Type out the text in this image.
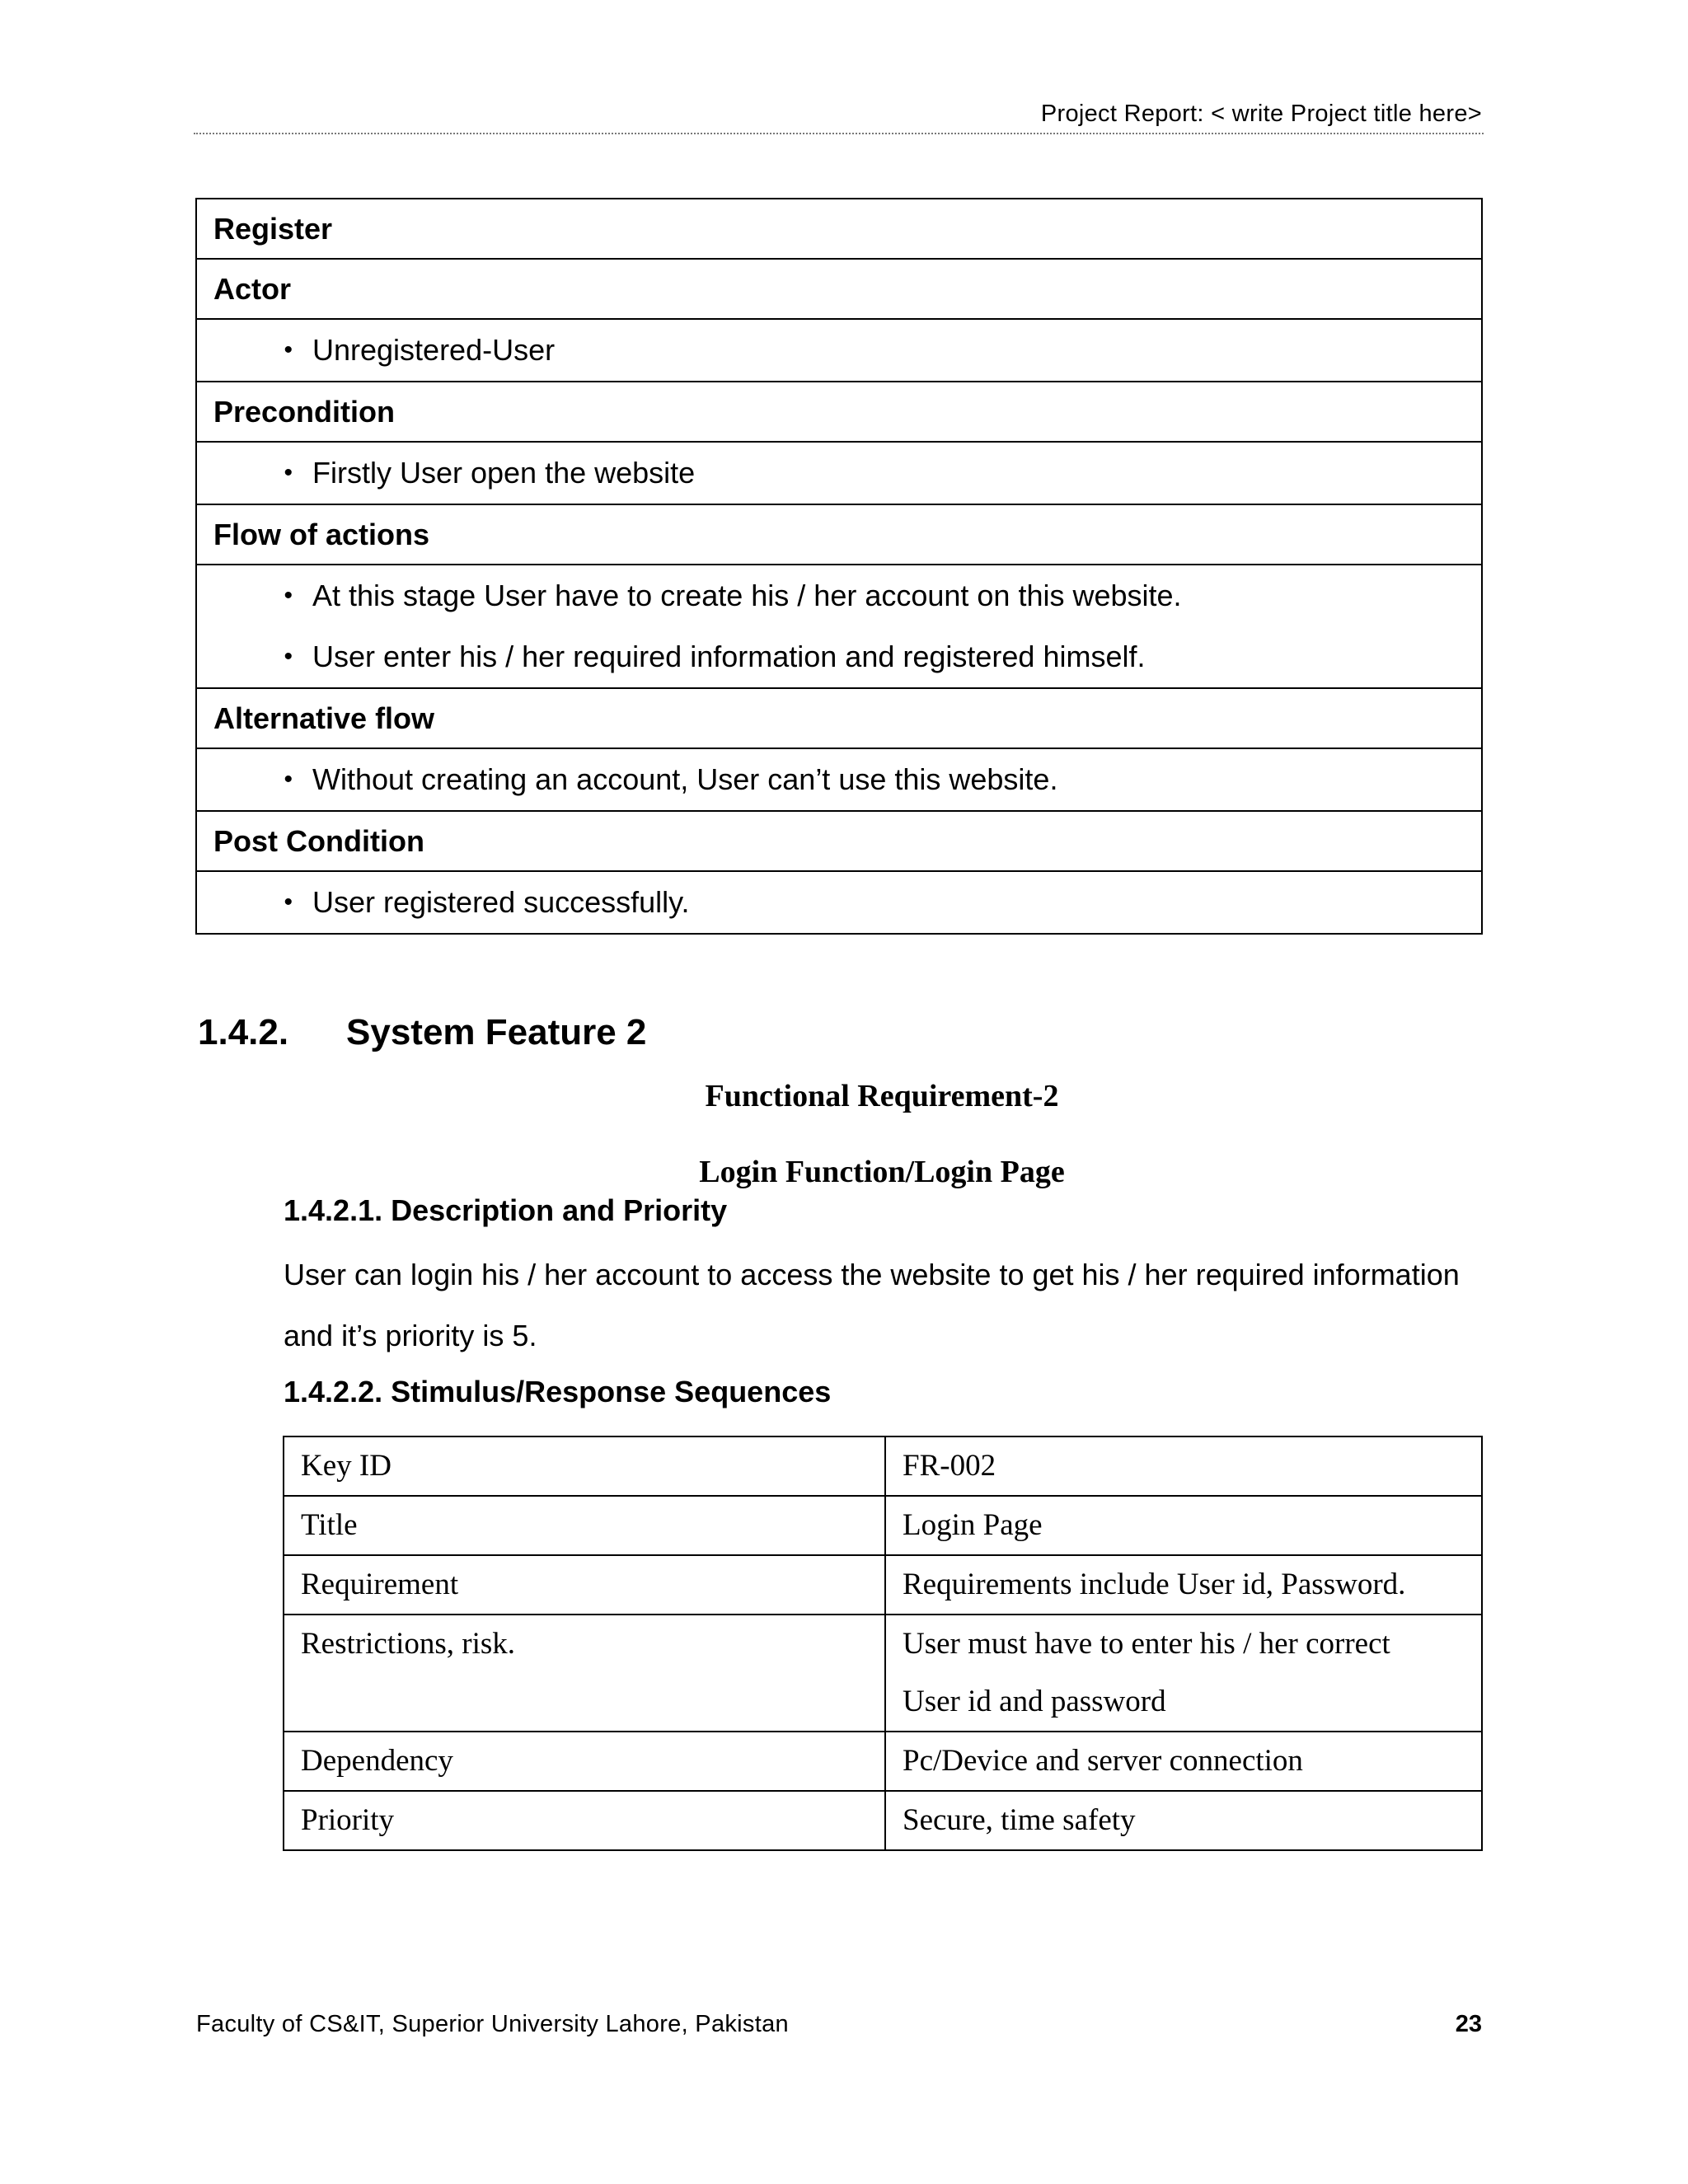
Project Report: < write Project title here>
Register
Actor

• Unregistered-User

Precondition

• Firstly User open the website

Flow of actions

• At this stage User have to create his / her account on this website.
• User enter his / her required information and registered himself.

Alternative flow

• Without creating an account, User can’t use this website.

Post Condition

• User registered successfully.
1.4.2. System Feature 2
Functional Requirement-2
Login Function/Login Page
1.4.2.1. Description and Priority
User can login his / her account to access the website to get his / her required information
and it’s priority is 5.
1.4.2.2. Stimulus/Response Sequences
Key ID	FR-002
Title	Login Page
Requirement	Requirements include User id, Password.
Restrictions, risk.	User must have to enter his / her correct
User id and password

Dependency	Pc/Device and server connection
Priority	Secure, time safety
Faculty of CS&IT, Superior University Lahore, Pakistan	23
